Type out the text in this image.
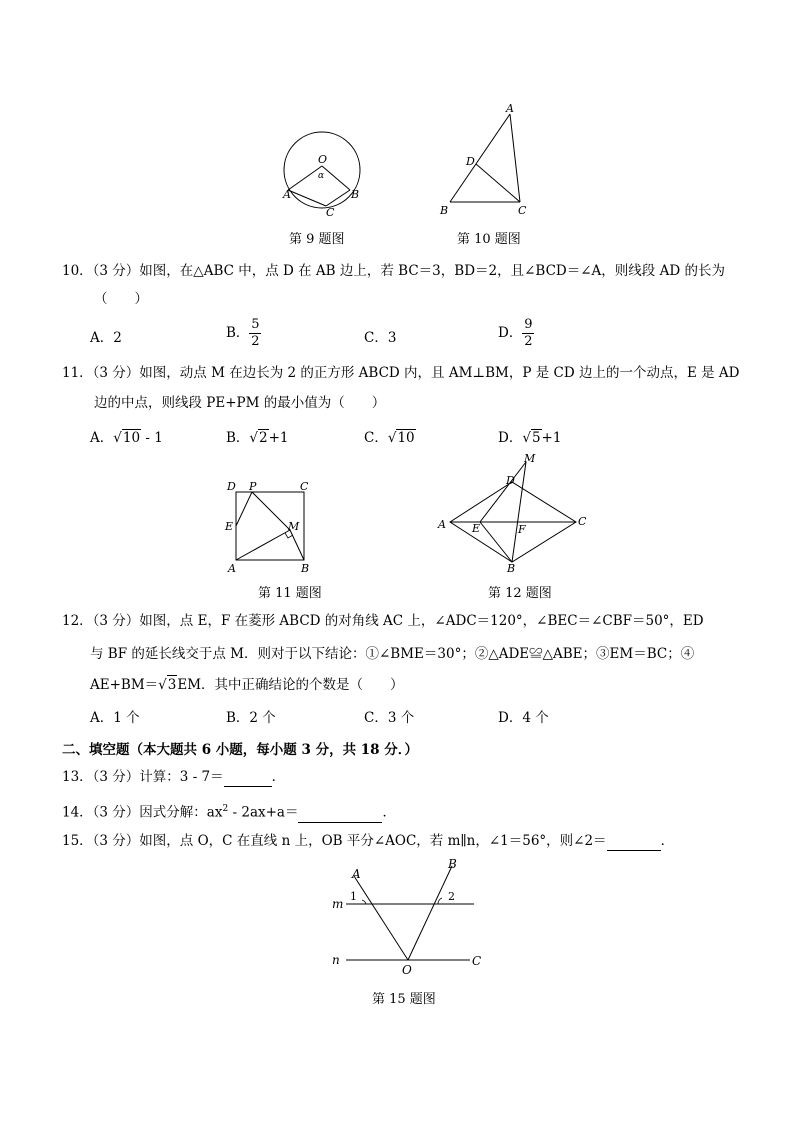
O
α
A	B
C
第 9 题图
A
D
B	C
第 10 题图
10．（3 分）如图，在△ABC 中，点 D 在 AB 边上，若 BC＝3，BD＝2，且∠BCD＝∠A，则线段 AD 的长为
（　　）
A．2	B． $\frac{5}{2}$	C．3	D． $\frac{9}{2}$
11．（3 分）如图，动点 M 在边长为 2 的正方形 ABCD 内，且 AM⊥BM，P 是 CD 边上的一个动点，E 是 AD
边的中点，则线段 PE+PM 的最小值为（　　）
A．√10 - 1	B．√2+1	C．√10	D．√5+1
D P	C
E	M
A	B
第 11 题图
M
D
A E	F
C
B
第 12 题图
12．（3 分）如图，点 E，F 在菱形 ABCD 的对角线 AC 上，∠ADC＝120°，∠BEC＝∠CBF＝50°，ED
与 BF 的延长线交于点 M．则对于以下结论：①∠BME＝30°；②△ADE≌△ABE；③EM＝BC；④
AE+BM＝√3EM．其中正确结论的个数是（　　）
A．1 个	B．2 个	C．3 个	D．4 个
二、填空题（本大题共 6 小题，每小题 3 分，共 18 分．）
13．（3 分）计算：3 - 7＝	．
14．（3 分）因式分解：$ax^2 - 2ax+a=$	．
15．（3 分）如图，点 O，C 在直线 n 上，OB 平分∠AOC，若 m∥n，∠1＝56°，则∠2＝	．
A
B
1	2
m
n
O
C
第 15 题图
